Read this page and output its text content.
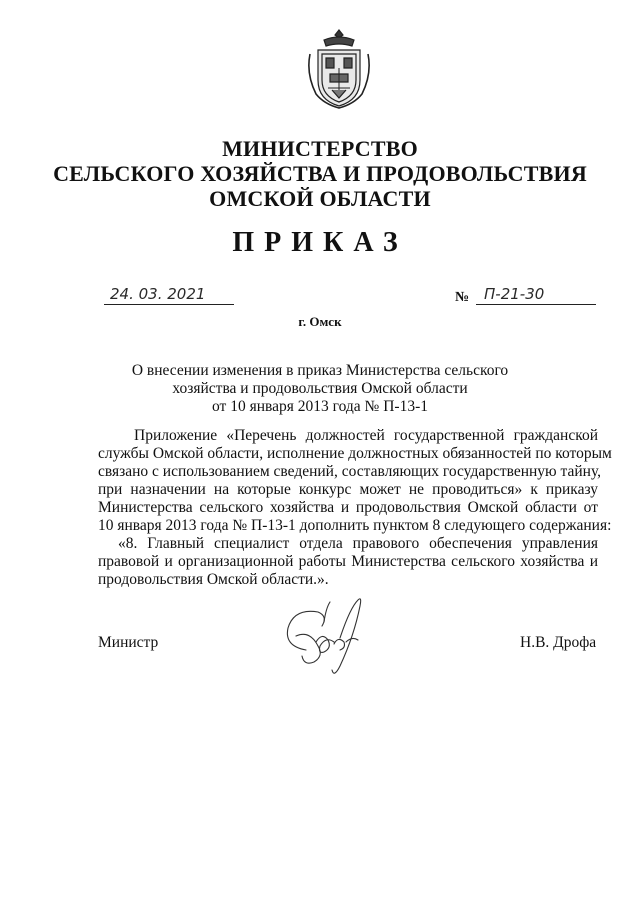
МИНИСТЕРСТВО
СЕЛЬСКОГО ХОЗЯЙСТВА И ПРОДОВОЛЬСТВИЯ
ОМСКОЙ ОБЛАСТИ
ПРИКАЗ
24. 03. 2021	№ П-21-30
г. Омск
О внесении изменения в приказ Министерства сельского
хозяйства и продовольствия Омской области
от 10 января 2013 года № П-13-1
Приложение «Перечень должностей государственной гражданской
службы Омской области, исполнение должностных обязанностей по которым
связано с использованием сведений, составляющих государственную тайну,
при назначении на которые конкурс может не проводиться» к приказу
Министерства сельского хозяйства и продовольствия Омской области от
10 января 2013 года № П-13-1 дополнить пунктом 8 следующего содержания:
«8. Главный специалист отдела правового обеспечения управления
правовой и организационной работы Министерства сельского хозяйства и
продовольствия Омской области.».
Министр	Н.В. Дрофа
